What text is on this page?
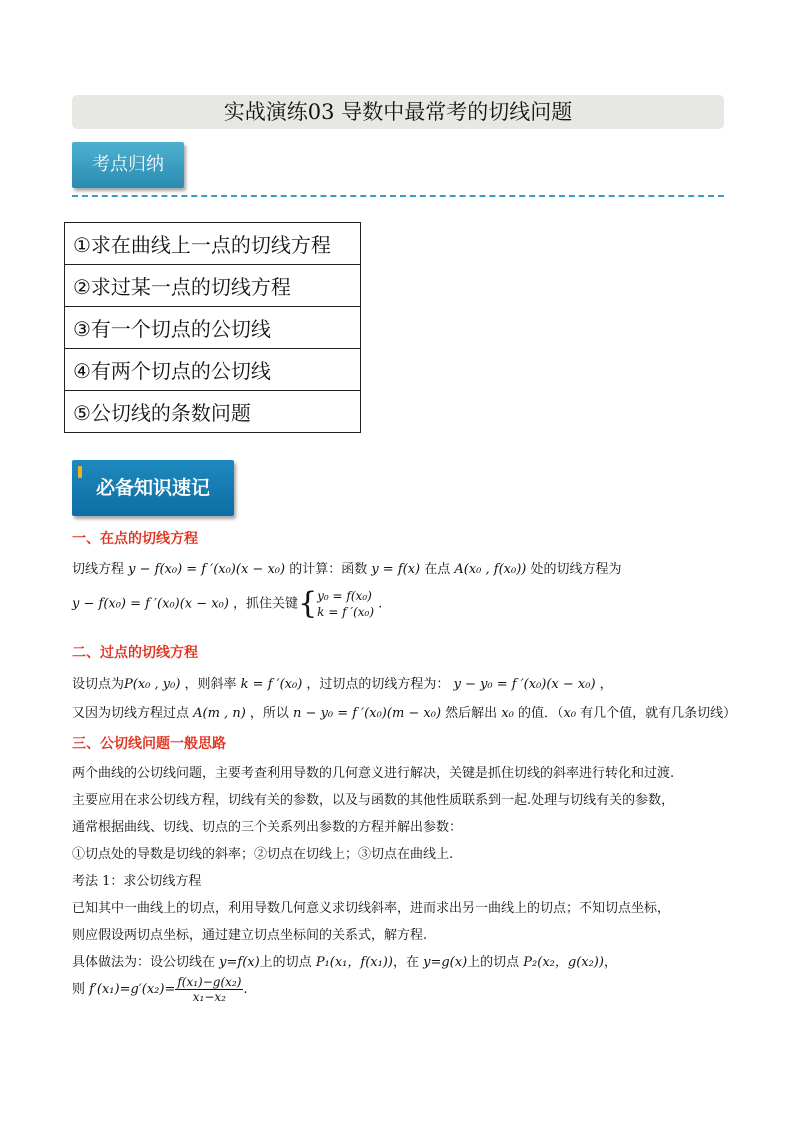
实战演练03 导数中最常考的切线问题
考点归纳
①求在曲线上一点的切线方程
②求过某一点的切线方程
③有一个切点的公切线
④有两个切点的公切线
⑤公切线的条数问题
必备知识速记
一、在点的切线方程
切线方程 y − f(x₀) = f ′(x₀)(x − x₀) 的计算：函数 y = f(x) 在点 A(x₀ , f(x₀)) 处的切线方程为
y − f(x₀) = f ′(x₀)(x − x₀) ，抓住关键{ y₀ = f(x₀)
k = f ′(x₀)
.
二、过点的切线方程
设切点为P(x₀ , y₀) ，则斜率 k = f ′(x₀) ，过切点的切线方程为： y − y₀ = f ′(x₀)(x − x₀) ，
又因为切线方程过点 A(m , n) ，所以 n − y₀ = f ′(x₀)(m − x₀) 然后解出 x₀ 的值．（x₀ 有几个值，就有几条切线）
三、公切线问题一般思路
两个曲线的公切线问题，主要考查利用导数的几何意义进行解决，关键是抓住切线的斜率进行转化和过渡.
主要应用在求公切线方程，切线有关的参数，以及与函数的其他性质联系到一起.处理与切线有关的参数，
通常根据曲线、切线、切点的三个关系列出参数的方程并解出参数：
①切点处的导数是切线的斜率；②切点在切线上；③切点在曲线上.
考法 1：求公切线方程
已知其中一曲线上的切点，利用导数几何意义求切线斜率，进而求出另一曲线上的切点；不知切点坐标，
则应假设两切点坐标，通过建立切点坐标间的关系式，解方程.
具体做法为：设公切线在 y=f(x)上的切点 P₁(x₁，f(x₁))，在 y=g(x)上的切点 P₂(x₂，g(x₂))，
则 $f'(x_1)=g'(x_2)= \frac{\text{f(x₁)−g(x₂)}}{\text{x₁−x₂}}$ .
